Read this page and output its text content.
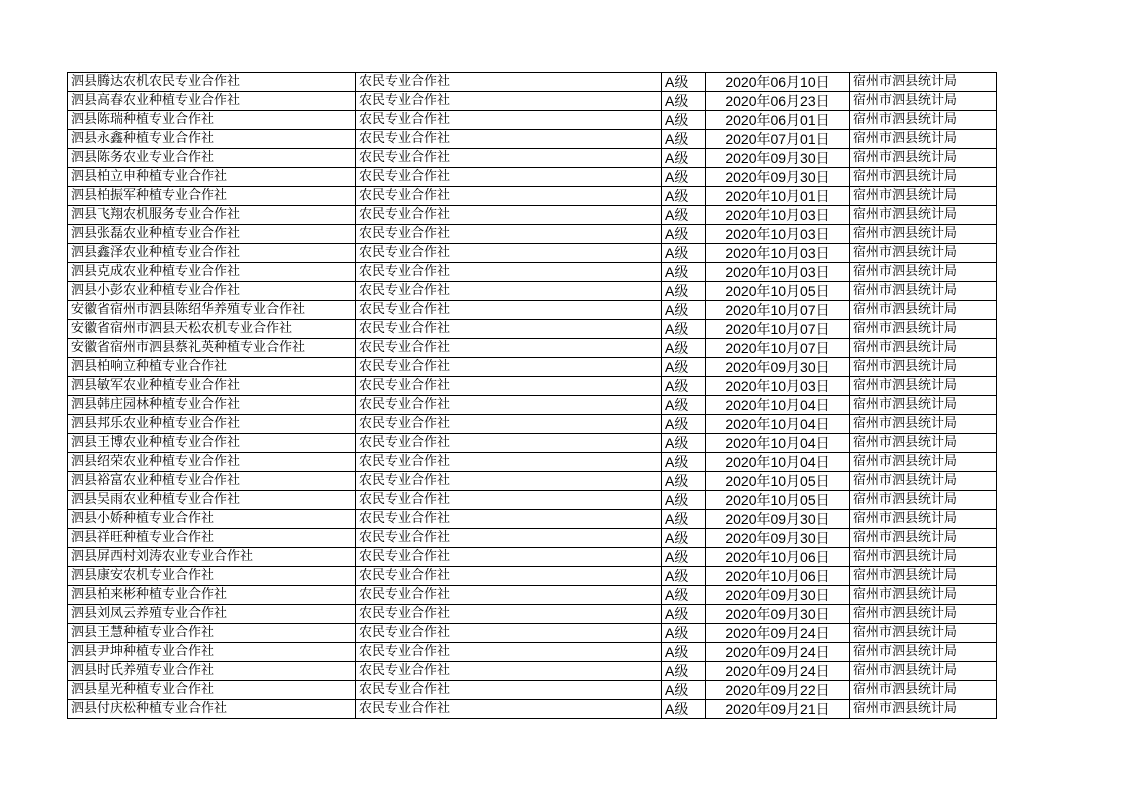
泗县腾达农机农民专业合作社	农民专业合作社	A级	2020年06月10日	宿州市泗县统计局
泗县高春农业种植专业合作社	农民专业合作社	A级	2020年06月23日	宿州市泗县统计局
泗县陈瑞种植专业合作社	农民专业合作社	A级	2020年06月01日	宿州市泗县统计局
泗县永鑫种植专业合作社	农民专业合作社	A级	2020年07月01日	宿州市泗县统计局
泗县陈务农业专业合作社	农民专业合作社	A级	2020年09月30日	宿州市泗县统计局
泗县柏立申种植专业合作社	农民专业合作社	A级	2020年09月30日	宿州市泗县统计局
泗县柏振军种植专业合作社	农民专业合作社	A级	2020年10月01日	宿州市泗县统计局
泗县飞翔农机服务专业合作社	农民专业合作社	A级	2020年10月03日	宿州市泗县统计局
泗县张磊农业种植专业合作社	农民专业合作社	A级	2020年10月03日	宿州市泗县统计局
泗县鑫泽农业种植专业合作社	农民专业合作社	A级	2020年10月03日	宿州市泗县统计局
泗县克成农业种植专业合作社	农民专业合作社	A级	2020年10月03日	宿州市泗县统计局
泗县小彭农业种植专业合作社	农民专业合作社	A级	2020年10月05日	宿州市泗县统计局
安徽省宿州市泗县陈绍华养殖专业合作社	农民专业合作社	A级	2020年10月07日	宿州市泗县统计局
安徽省宿州市泗县天松农机专业合作社	农民专业合作社	A级	2020年10月07日	宿州市泗县统计局
安徽省宿州市泗县蔡礼英种植专业合作社	农民专业合作社	A级	2020年10月07日	宿州市泗县统计局
泗县柏响立种植专业合作社	农民专业合作社	A级	2020年09月30日	宿州市泗县统计局
泗县敏军农业种植专业合作社	农民专业合作社	A级	2020年10月03日	宿州市泗县统计局
泗县韩庄园林种植专业合作社	农民专业合作社	A级	2020年10月04日	宿州市泗县统计局
泗县邦乐农业种植专业合作社	农民专业合作社	A级	2020年10月04日	宿州市泗县统计局
泗县王博农业种植专业合作社	农民专业合作社	A级	2020年10月04日	宿州市泗县统计局
泗县绍荣农业种植专业合作社	农民专业合作社	A级	2020年10月04日	宿州市泗县统计局
泗县裕富农业种植专业合作社	农民专业合作社	A级	2020年10月05日	宿州市泗县统计局
泗县吴雨农业种植专业合作社	农民专业合作社	A级	2020年10月05日	宿州市泗县统计局
泗县小娇种植专业合作社	农民专业合作社	A级	2020年09月30日	宿州市泗县统计局
泗县祥旺种植专业合作社	农民专业合作社	A级	2020年09月30日	宿州市泗县统计局
泗县屏西村刘涛农业专业合作社	农民专业合作社	A级	2020年10月06日	宿州市泗县统计局
泗县康安农机专业合作社	农民专业合作社	A级	2020年10月06日	宿州市泗县统计局
泗县柏来彬种植专业合作社	农民专业合作社	A级	2020年09月30日	宿州市泗县统计局
泗县刘凤云养殖专业合作社	农民专业合作社	A级	2020年09月30日	宿州市泗县统计局
泗县王慧种植专业合作社	农民专业合作社	A级	2020年09月24日	宿州市泗县统计局
泗县尹坤种植专业合作社	农民专业合作社	A级	2020年09月24日	宿州市泗县统计局
泗县时氏养殖专业合作社	农民专业合作社	A级	2020年09月24日	宿州市泗县统计局
泗县星光种植专业合作社	农民专业合作社	A级	2020年09月22日	宿州市泗县统计局
泗县付庆松种植专业合作社	农民专业合作社	A级	2020年09月21日	宿州市泗县统计局
